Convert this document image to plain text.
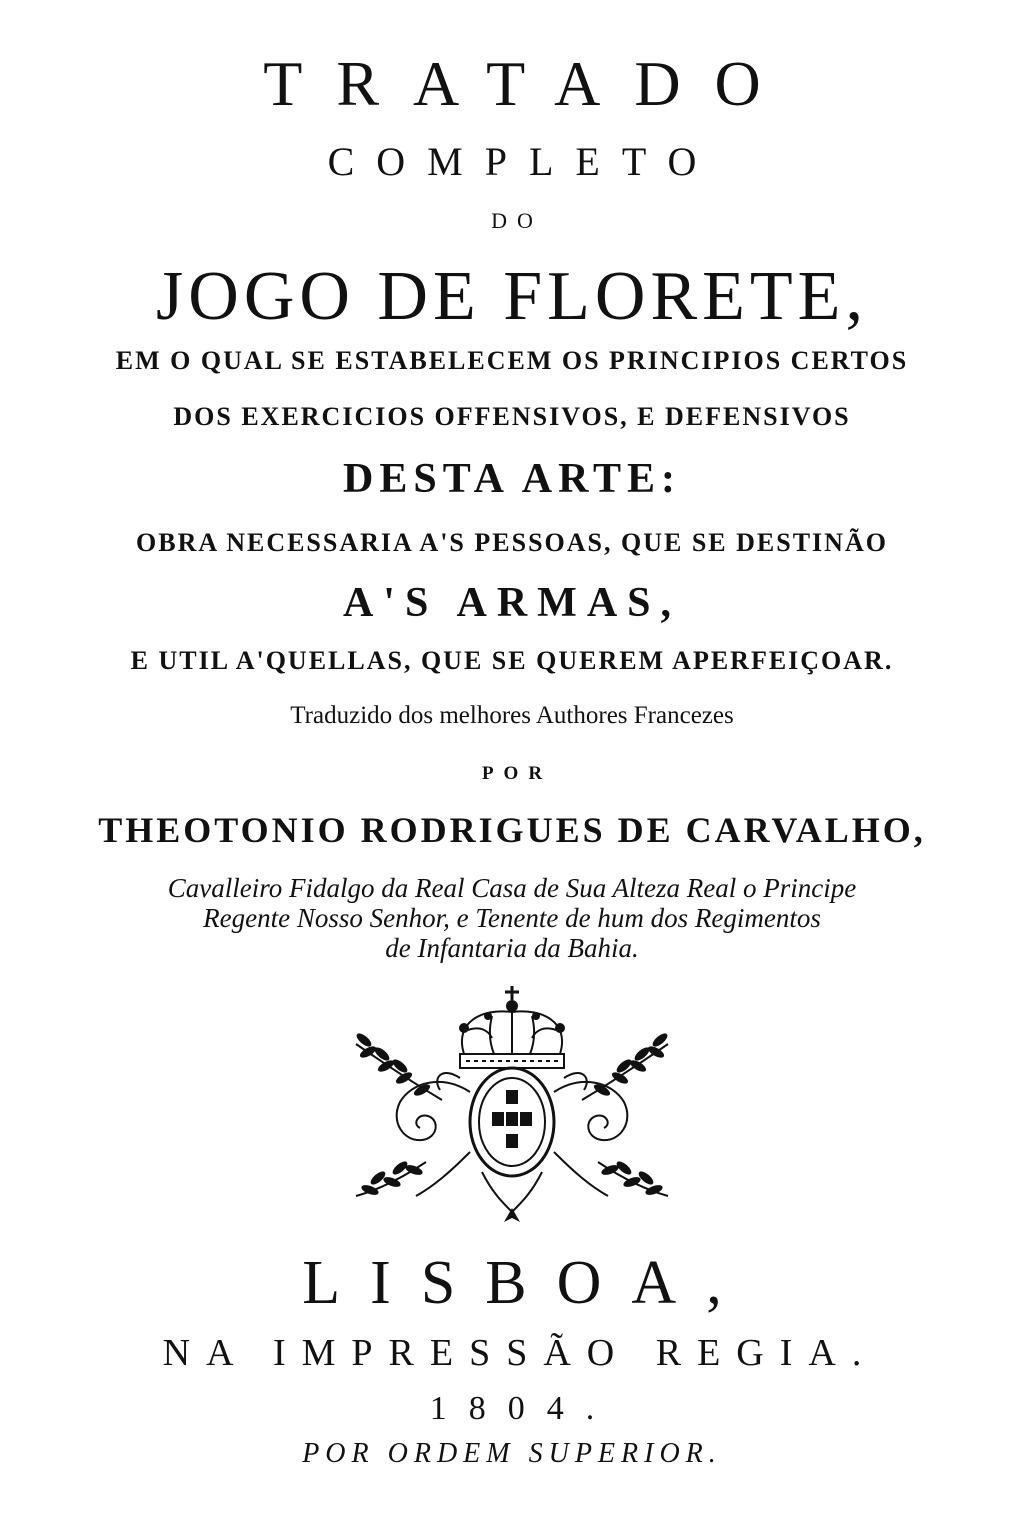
TRATADO
COMPLETO
DO
JOGO DE FLORETE,
EM O QUAL SE ESTABELECEM OS PRINCIPIOS CERTOS
DOS EXERCICIOS OFFENSIVOS, E DEFENSIVOS
DESTA ARTE:
OBRA NECESSARIA A'S PESSOAS, QUE SE DESTINÃO
A'S ARMAS,
E UTIL A'QUELLAS, QUE SE QUEREM APERFEIÇOAR.
Traduzido dos melhores Authores Francezes
POR
THEOTONIO RODRIGUES DE CARVALHO,
Cavalleiro Fidalgo da Real Casa de Sua Alteza Real o Principe
Regente Nosso Senhor, e Tenente de hum dos Regimentos
de Infantaria da Bahia.
LISBOA,
NA IMPRESSÃO REGIA.
1804.
POR ORDEM SUPERIOR.
